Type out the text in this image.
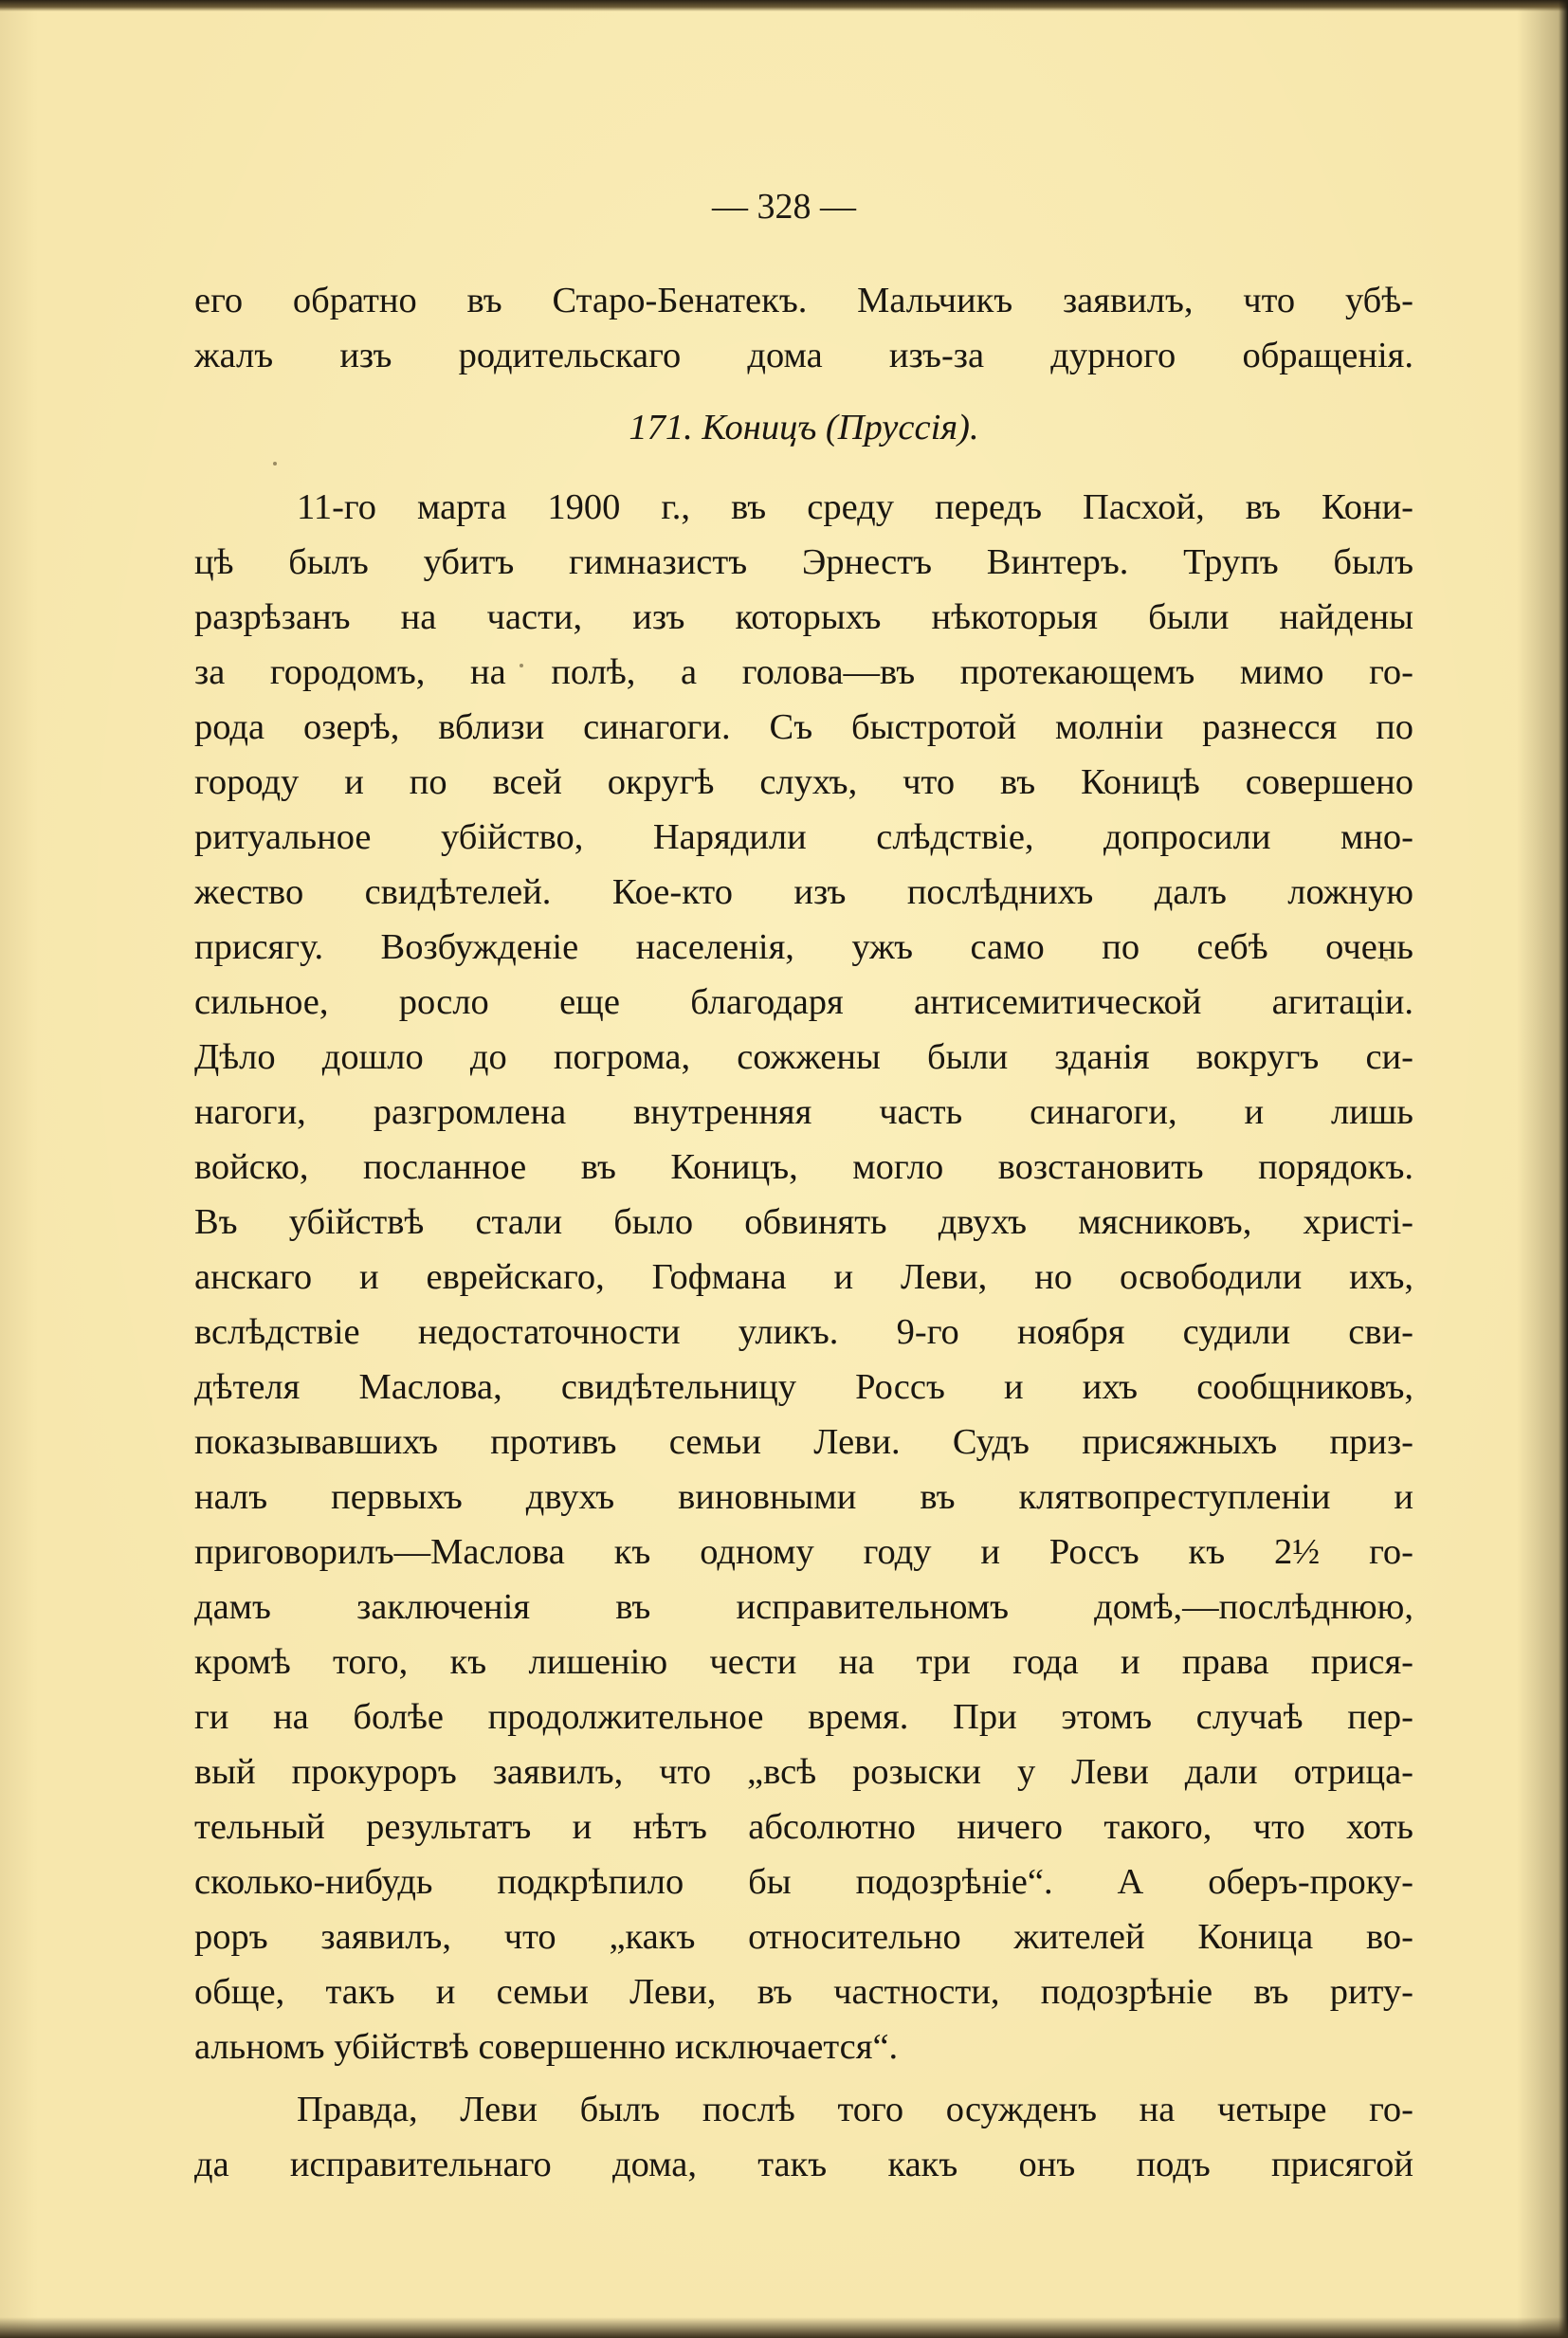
— 328 —
его обратно въ Старо-Бенатекъ. Мальчикъ заявилъ, что убѣ-
жалъ изъ родительскаго дома изъ-за дурного обращенія.
171. Коницъ (Пруссія).
11-го марта 1900 г., въ среду передъ Пасхой, въ Кони-
цѣ былъ убитъ гимназистъ Эрнестъ Винтеръ. Трупъ былъ
разрѣзанъ на части, изъ которыхъ нѣкоторыя были найдены
за городомъ, на полѣ, а голова—въ протекающемъ мимо го-
рода озерѣ, вблизи синагоги. Съ быстротой молніи разнесся по
городу и по всей округѣ слухъ, что въ Коницѣ совершено
ритуальное убійство, Нарядили слѣдствіе, допросили мно-
жество свидѣтелей. Кое-кто изъ послѣднихъ далъ ложную
присягу. Возбужденіе населенія, ужъ само по себѣ очень
сильное, росло еще благодаря антисемитической агитаціи.
Дѣло дошло до погрома, сожжены были зданія вокругъ си-
нагоги, разгромлена внутренняя часть синагоги, и лишь
войско, посланное въ Коницъ, могло возстановить порядокъ.
Въ убійствѣ стали было обвинять двухъ мясниковъ, христі-
анскаго и еврейскаго, Гофмана и Леви, но освободили ихъ,
вслѣдствіе недостаточности уликъ. 9-го ноября судили сви-
дѣтеля Маслова, свидѣтельницу Россъ и ихъ сообщниковъ,
показывавшихъ противъ семьи Леви. Судъ присяжныхъ приз-
налъ первыхъ двухъ виновными въ клятвопреступленіи и
приговорилъ—Маслова къ одному году и Россъ къ 2½ го-
дамъ заключенія въ исправительномъ домѣ,—послѣднюю,
кромѣ того, къ лишенію чести на три года и права прися-
ги на болѣе продолжительное время. При этомъ случаѣ пер-
вый прокуроръ заявилъ, что „всѣ розыски у Леви дали отрица-
тельный результатъ и нѣтъ абсолютно ничего такого, что хоть
сколько-нибудь подкрѣпило бы подозрѣніе“. А оберъ-проку-
роръ заявилъ, что „какъ относительно жителей Коница во-
обще, такъ и семьи Леви, въ частности, подозрѣніе въ риту-
альномъ убійствѣ совершенно исключается“.
Правда, Леви былъ послѣ того осужденъ на четыре го-
да исправительнаго дома, такъ какъ онъ подъ присягой
